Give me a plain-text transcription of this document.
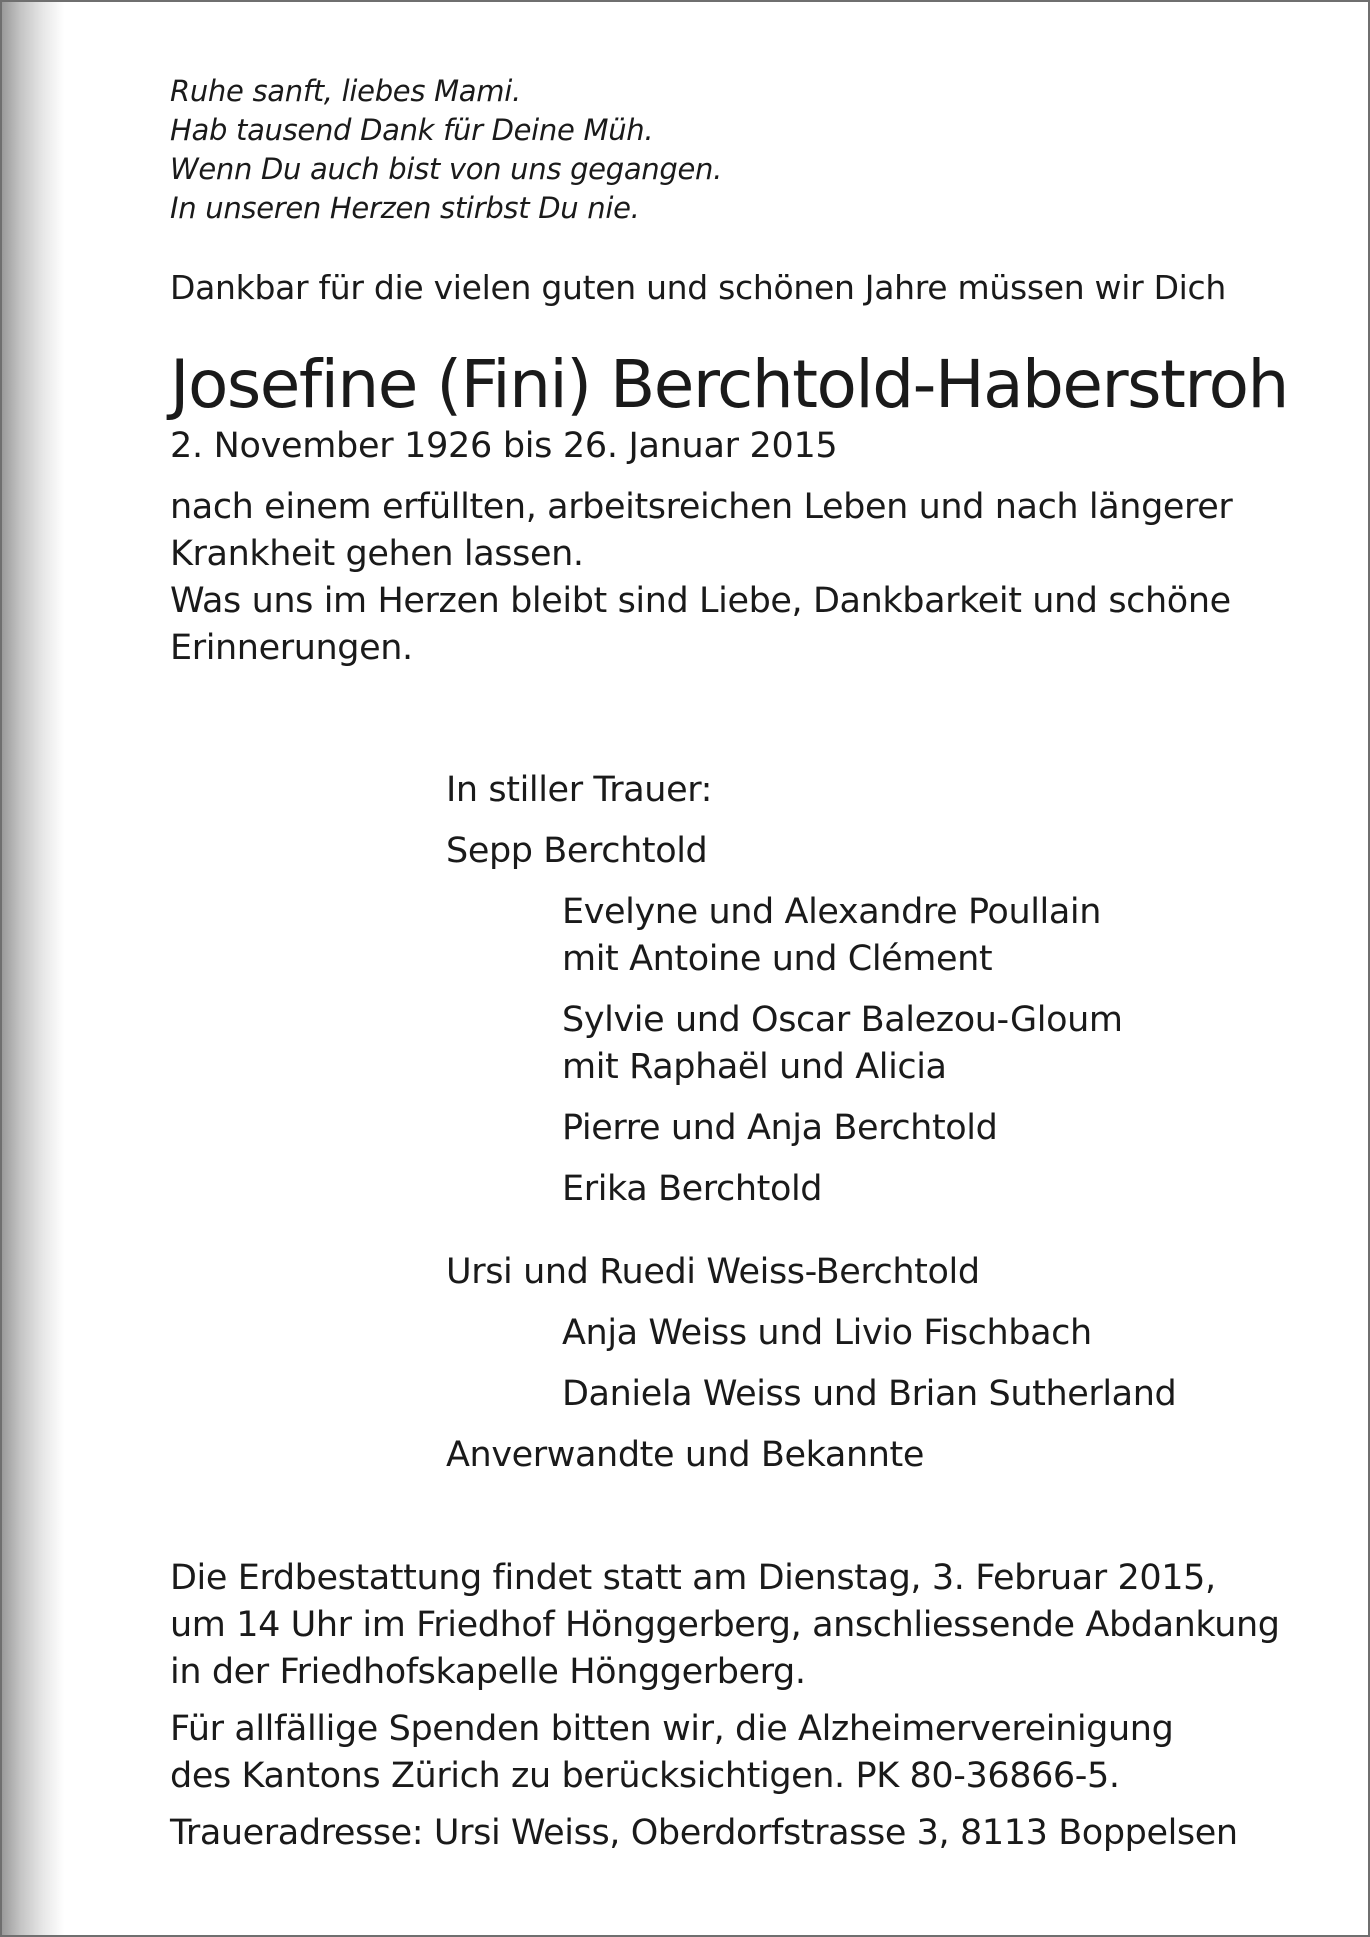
Ruhe sanft, liebes Mami.
Hab tausend Dank für Deine Müh.
Wenn Du auch bist von uns gegangen.
In unseren Herzen stirbst Du nie.
Dankbar für die vielen guten und schönen Jahre müssen wir Dich
Josefine (Fini) Berchtold-Haberstroh
2. November 1926 bis 26. Januar 2015
nach einem erfüllten, arbeitsreichen Leben und nach längerer
Krankheit gehen lassen.
Was uns im Herzen bleibt sind Liebe, Dankbarkeit und schöne
Erinnerungen.
In stiller Trauer:
Sepp Berchtold
Evelyne und Alexandre Poullain
mit Antoine und Clément
Sylvie und Oscar Balezou-Gloum
mit Raphaël und Alicia
Pierre und Anja Berchtold
Erika Berchtold
Ursi und Ruedi Weiss-Berchtold
Anja Weiss und Livio Fischbach
Daniela Weiss und Brian Sutherland
Anverwandte und Bekannte
Die Erdbestattung findet statt am Dienstag, 3. Februar 2015,
um 14 Uhr im Friedhof Hönggerberg, anschliessende Abdankung
in der Friedhofskapelle Hönggerberg.
Für allfällige Spenden bitten wir, die Alzheimervereinigung
des Kantons Zürich zu berücksichtigen. PK 80-36866-5.
Traueradresse: Ursi Weiss, Oberdorfstrasse 3, 8113 Boppelsen
